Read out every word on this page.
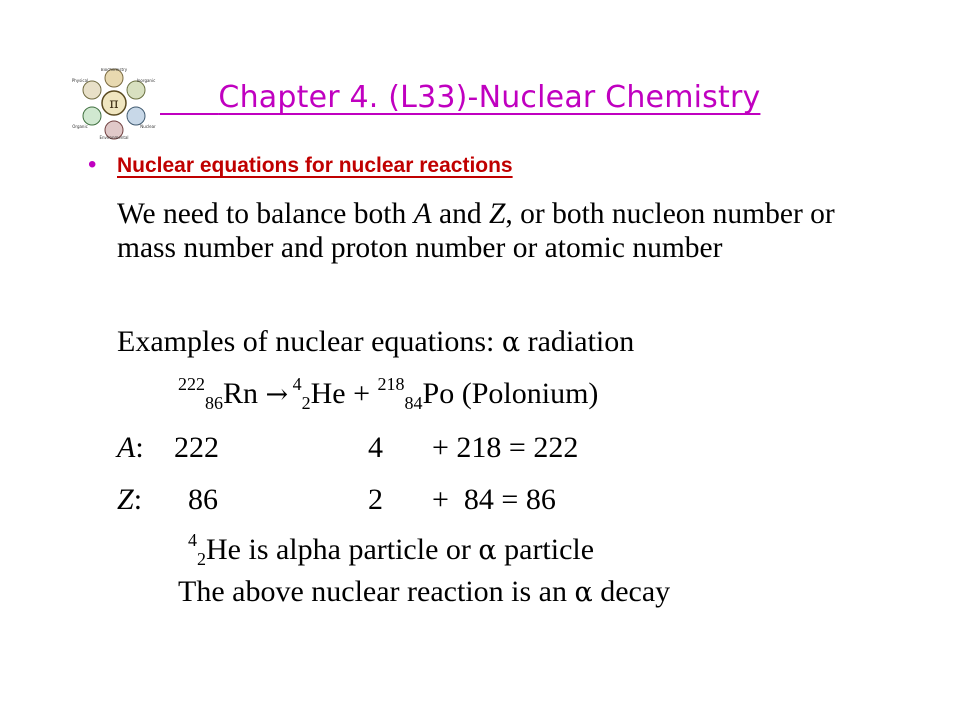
π
Biochemistry
Inorganic
Nuclear
Environmental
Organic
Physical	Chapter 4. (L33)-Nuclear Chemistry
• Nuclear equations for nuclear reactions
We need to balance both A and Z, or both nucleon number or mass number and proton number or atomic number
Examples of nuclear equations: α radiation
$^{222}_{86}$Rn → $^4_2$He + $^{218}_{84}$Po (Polonium)
A: 222	4 + 218 = 222
Z: 86	2 +  84 = 86
$^4_2$He is alpha particle or α particle
The above nuclear reaction is an α decay
